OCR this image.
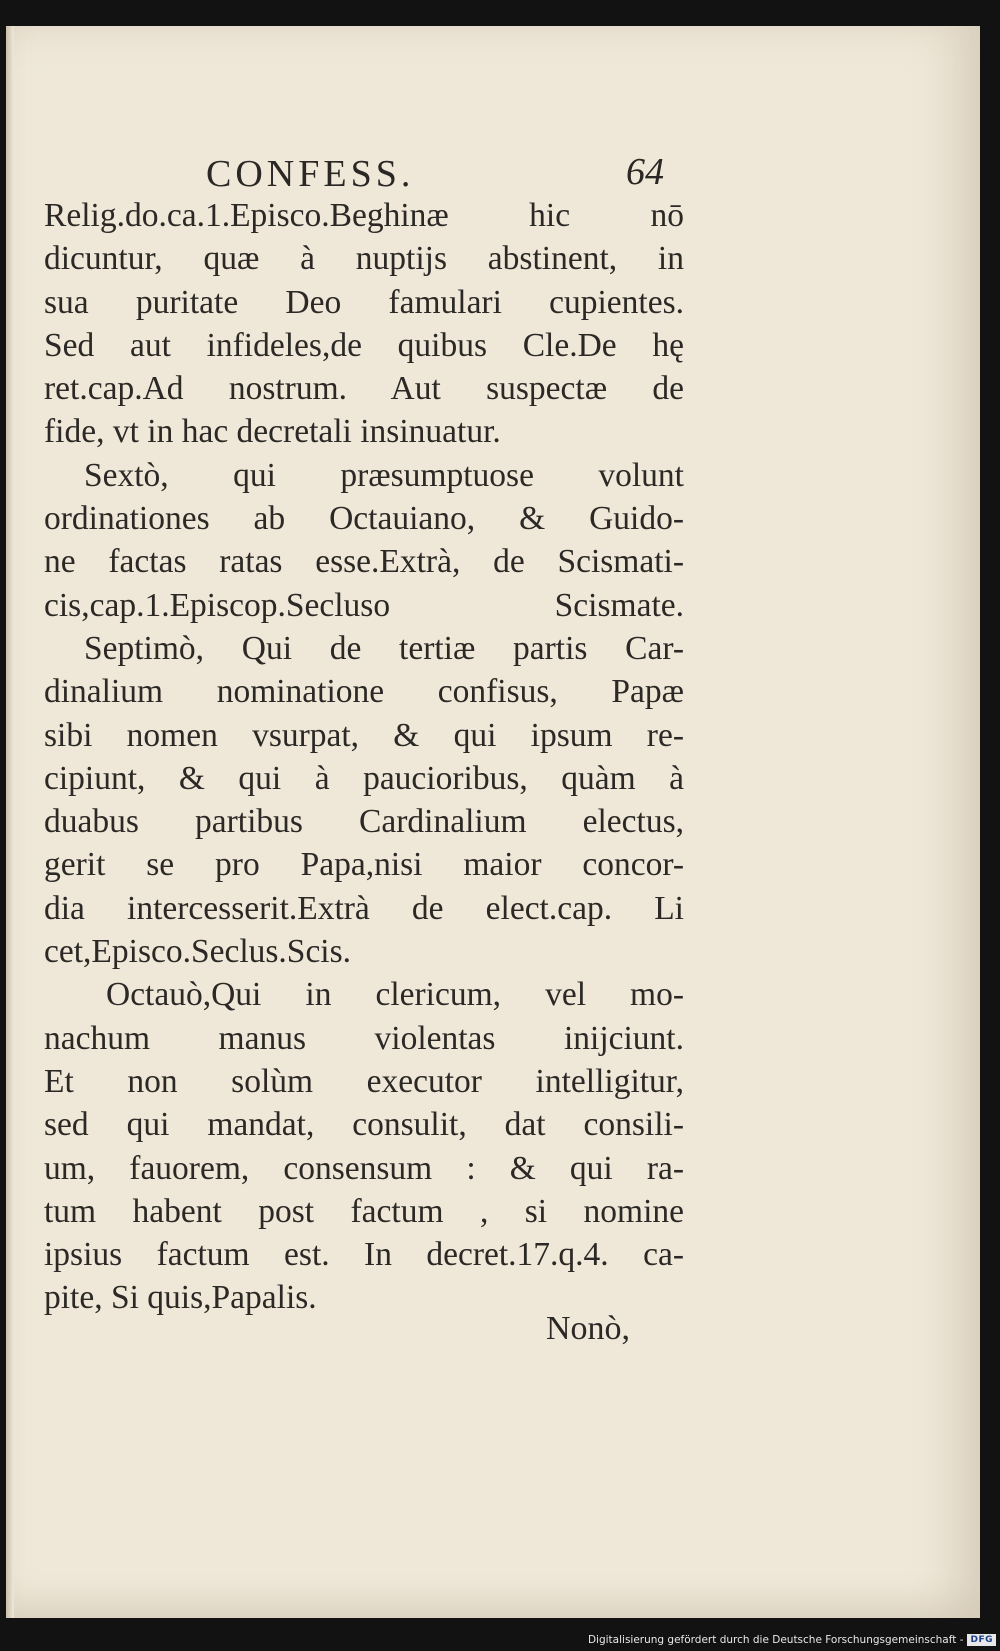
CONFESS.	64
Relig.do.ca.1.Episco.Beghinæ hic nō
dicuntur, quæ à nuptijs abstinent, in
sua puritate Deo famulari cupientes.
Sed aut infideles,de quibus Cle.De hę
ret.cap.Ad nostrum. Aut suspectæ de
fide, vt in hac decretali insinuatur.
Sextò, qui præsumptuose volunt
ordinationes ab Octauiano, & Guido-
ne factas ratas esse.Extrà, de Scismati-
cis,cap.1.Episcop.Secluso Scismate.
Septimò, Qui de tertiæ partis Car-
dinalium nominatione confisus, Papæ
sibi nomen vsurpat, & qui ipsum re-
cipiunt, & qui à paucioribus, quàm à
duabus partibus Cardinalium electus,
gerit se pro Papa,nisi maior concor-
dia intercesserit.Extrà de elect.cap. Li
cet,Episco.Seclus.Scis.
Octauò,Qui in clericum, vel mo-
nachum manus violentas inijciunt.
Et non solùm executor intelligitur,
sed qui mandat, consulit, dat consili-
um, fauorem, consensum : & qui ra-
tum habent post factum , si nomine
ipsius factum est. In decret.17.q.4. ca-
pite, Si quis,Papalis.
Nonò,
Digitalisierung gefördert durch die Deutsche Forschungsgemeinschaft - DFG
